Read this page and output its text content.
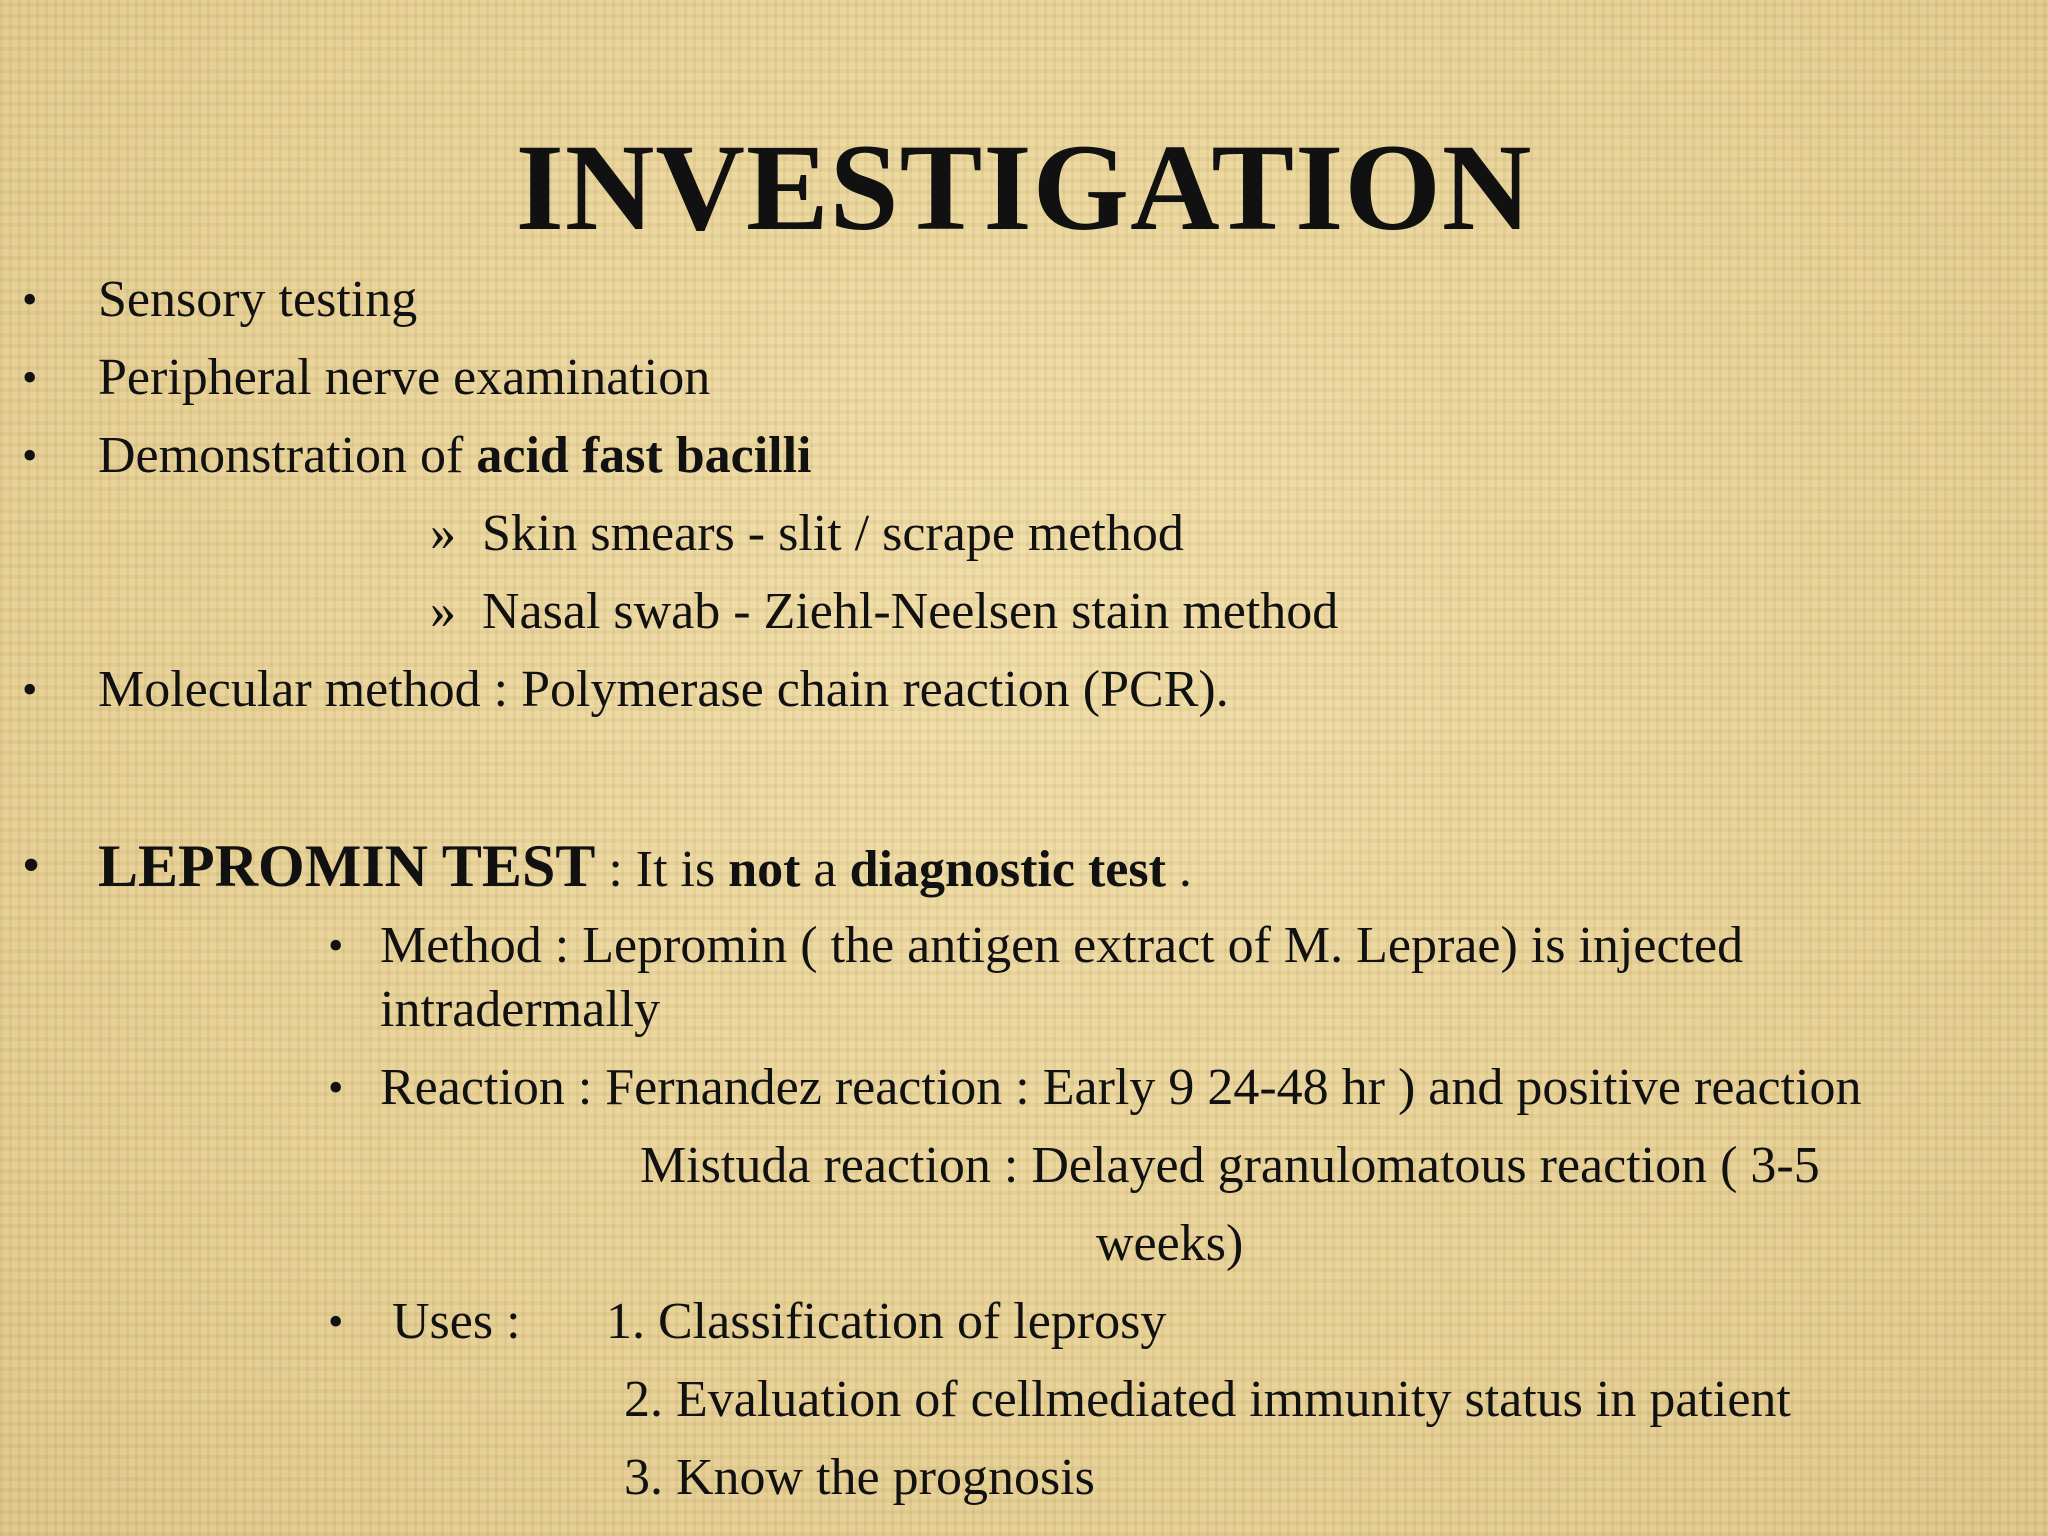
INVESTIGATION
• Sensory testing
• Peripheral nerve examination
• Demonstration of acid fast bacilli
» Skin smears - slit / scrape method
» Nasal swab - Ziehl-Neelsen stain method
• Molecular method : Polymerase chain reaction (PCR).
• LEPROMIN TEST : It is not a diagnostic test .
• Method : Lepromin ( the antigen extract of M. Leprae) is injected
intradermally
• Reaction : Fernandez reaction : Early 9 24-48 hr ) and positive reaction
Mistuda reaction : Delayed granulomatous reaction ( 3-5
weeks)
• Uses : 1. Classification of leprosy
2. Evaluation of cellmediated immunity status in patient
3. Know the prognosis
